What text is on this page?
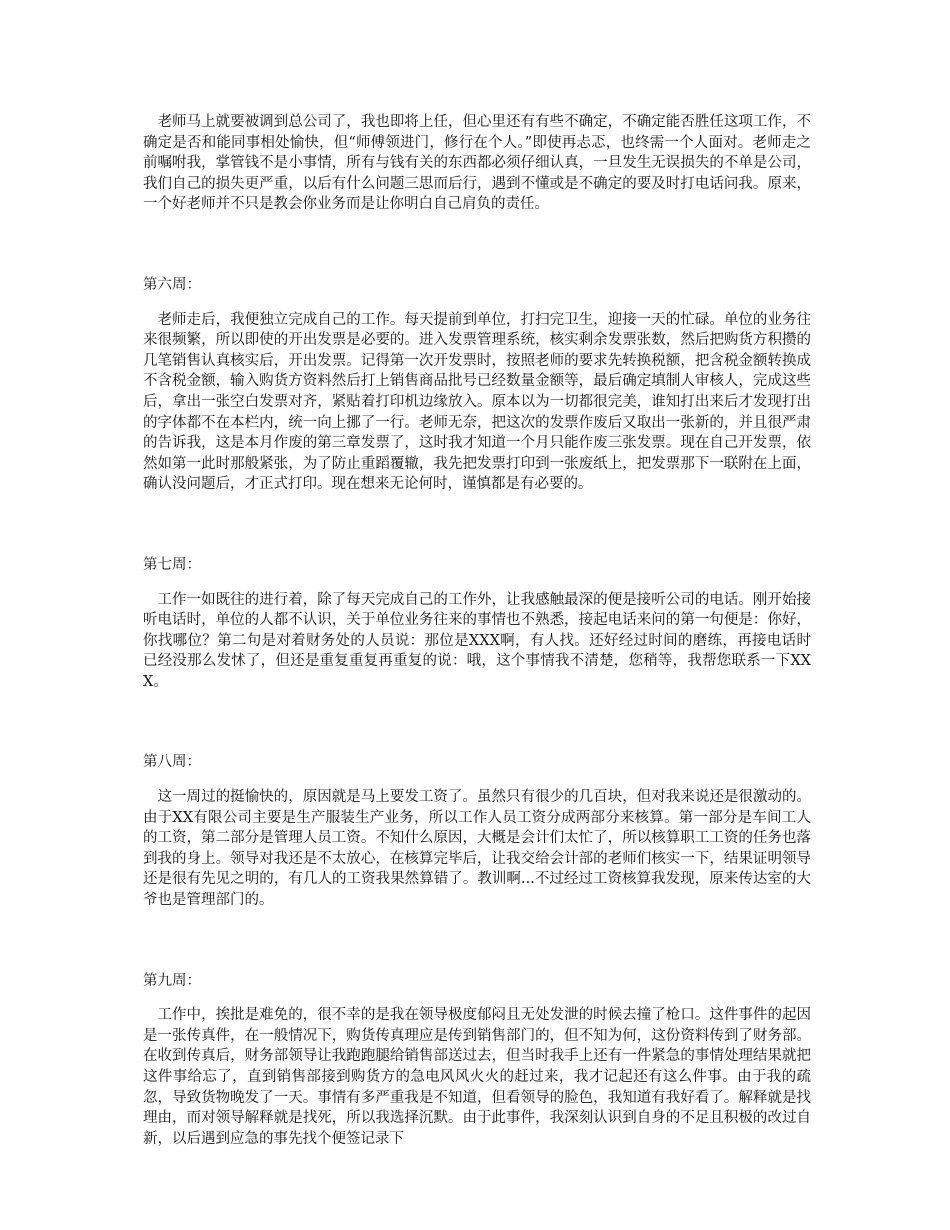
老师马上就要被调到总公司了，我也即将上任，但心里还有有些不确定，不确定能否胜任这项工作，不确定是否和能同事相处愉快，但“师傅领进门，修行在个人。”即使再忐忑，也终需一个人面对。老师走之前嘱咐我，掌管钱不是小事情，所有与钱有关的东西都必须仔细认真，一旦发生无误损失的不单是公司，我们自己的损失更严重，以后有什么问题三思而后行，遇到不懂或是不确定的要及时打电话问我。原来，一个好老师并不只是教会你业务而是让你明白自己肩负的责任。

第六周：

老师走后，我便独立完成自己的工作。每天提前到单位，打扫完卫生，迎接一天的忙碌。单位的业务往来很频繁，所以即使的开出发票是必要的。进入发票管理系统，核实剩余发票张数，然后把购货方积攒的几笔销售认真核实后，开出发票。记得第一次开发票时，按照老师的要求先转换税额，把含税金额转换成不含税金额，输入购货方资料然后打上销售商品批号已经数量金额等，最后确定填制人审核人，完成这些后，拿出一张空白发票对齐，紧贴着打印机边缘放入。原本以为一切都很完美，谁知打出来后才发现打出的字体都不在本栏内，统一向上挪了一行。老师无奈，把这次的发票作废后又取出一张新的，并且很严肃的告诉我，这是本月作废的第三章发票了，这时我才知道一个月只能作废三张发票。现在自己开发票，依然如第一此时那般紧张，为了防止重蹈覆辙，我先把发票打印到一张废纸上，把发票那下一联附在上面，确认没问题后，才正式打印。现在想来无论何时，谨慎都是有必要的。

第七周：

工作一如既往的进行着，除了每天完成自己的工作外，让我感触最深的便是接听公司的电话。刚开始接听电话时，单位的人都不认识，关于单位业务往来的事情也不熟悉，接起电话来问的第一句便是：你好，你找哪位？第二句是对着财务处的人员说：那位是XXX啊，有人找。还好经过时间的磨练，再接电话时已经没那么发怵了，但还是重复重复再重复的说：哦，这个事情我不清楚，您稍等，我帮您联系一下XXX。

第八周：

这一周过的挺愉快的，原因就是马上要发工资了。虽然只有很少的几百块，但对我来说还是很激动的。由于XX有限公司主要是生产服装生产业务，所以工作人员工资分成两部分来核算。第一部分是车间工人的工资，第二部分是管理人员工资。不知什么原因，大概是会计们太忙了，所以核算职工工资的任务也落到我的身上。领导对我还是不太放心，在核算完毕后，让我交给会计部的老师们核实一下，结果证明领导还是很有先见之明的，有几人的工资我果然算错了。教训啊...不过经过工资核算我发现，原来传达室的大爷也是管理部门的。

第九周：

工作中，挨批是难免的，很不幸的是我在领导极度郁闷且无处发泄的时候去撞了枪口。这件事件的起因是一张传真件，在一般情况下，购货传真理应是传到销售部门的，但不知为何，这份资料传到了财务部。在收到传真后，财务部领导让我跑跑腿给销售部送过去，但当时我手上还有一件紧急的事情处理结果就把这件事给忘了，直到销售部接到购货方的急电风风火火的赶过来，我才记起还有这么件事。由于我的疏忽，导致货物晚发了一天。事情有多严重我是不知道，但看领导的脸色，我知道有我好看了。解释就是找理由，而对领导解释就是找死，所以我选择沉默。由于此事件，我深刻认识到自身的不足且积极的改过自新，以后遇到应急的事先找个便签记录下
